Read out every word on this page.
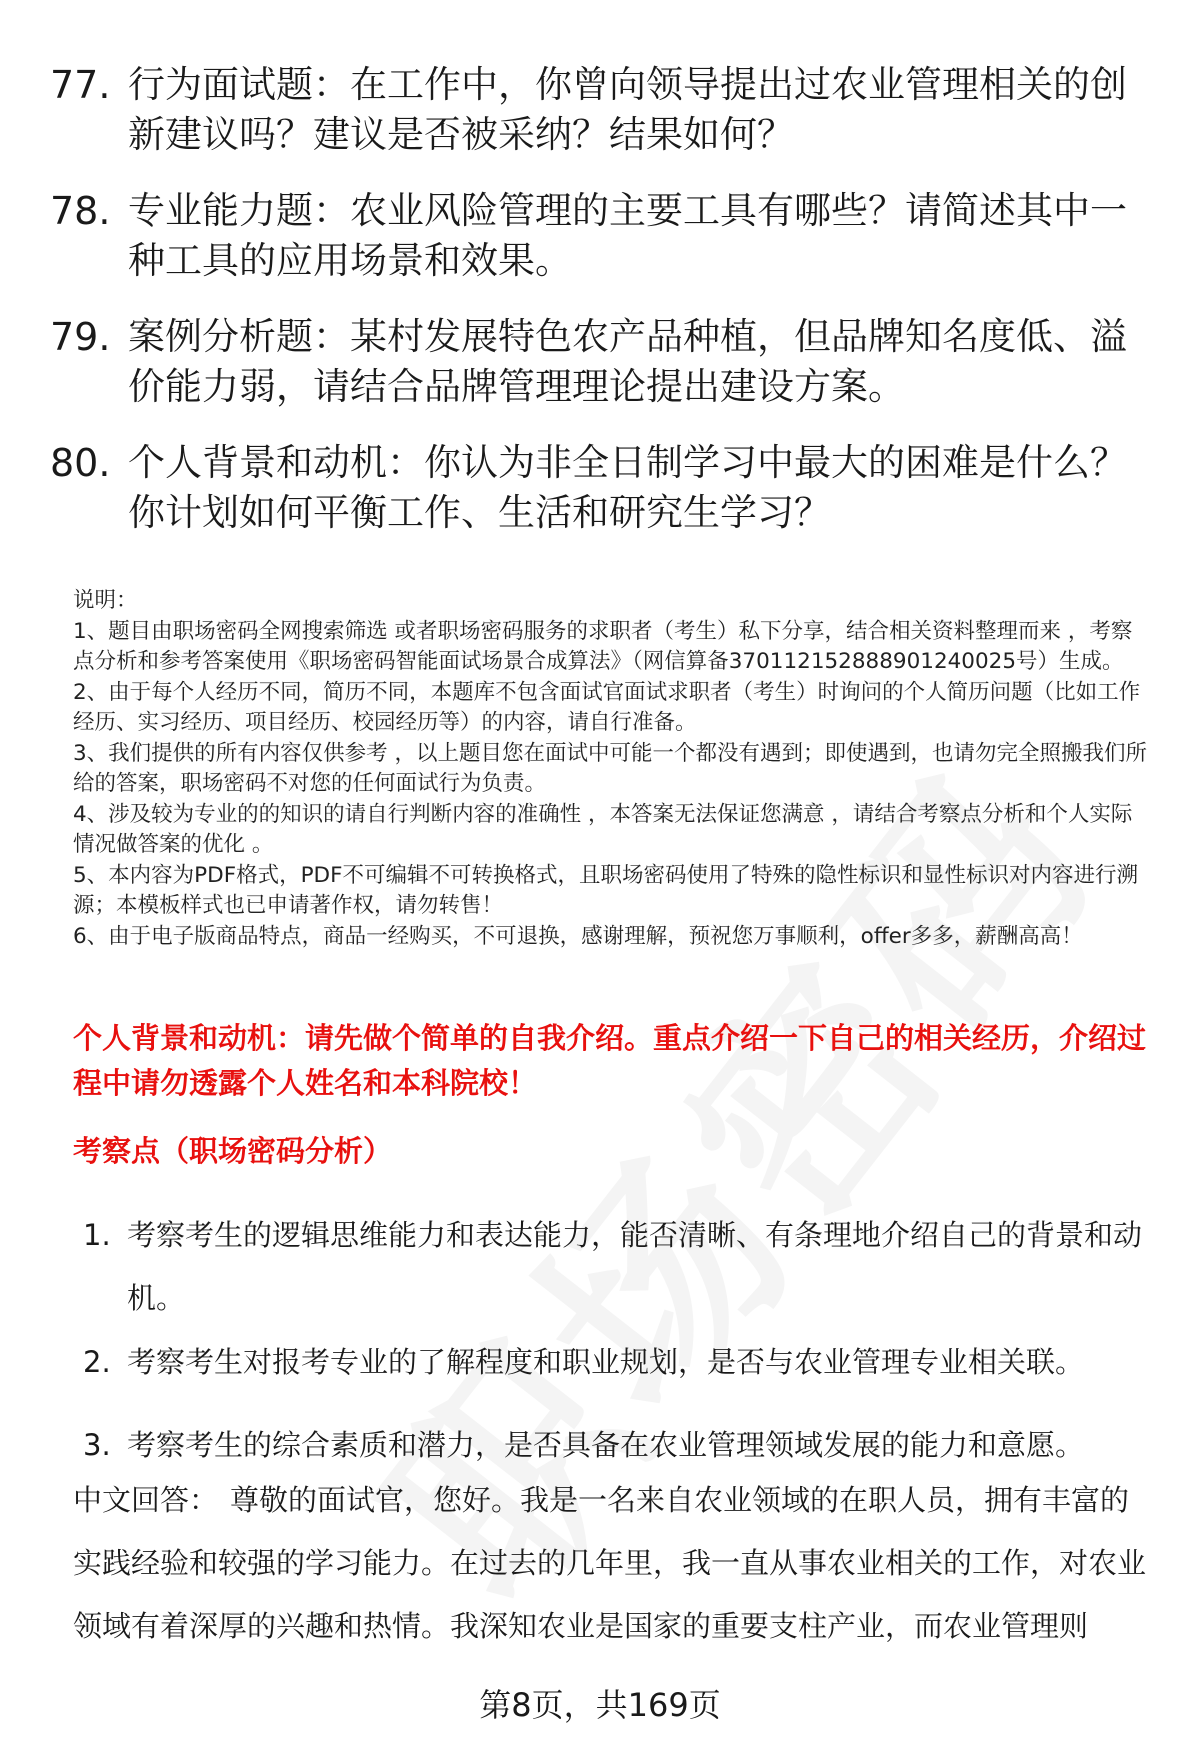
77. 行为面试题：在工作中，你曾向领导提出过农业管理相关的创新建议吗？建议是否被采纳？结果如何？
78. 专业能力题：农业风险管理的主要工具有哪些？请简述其中一种工具的应用场景和效果。
79. 案例分析题：某村发展特色农产品种植，但品牌知名度低、溢价能力弱，请结合品牌管理理论提出建设方案。
80. 个人背景和动机：你认为非全日制学习中最大的困难是什么？你计划如何平衡工作、生活和研究生学习？

说明：

1、题目由职场密码全网搜索筛选 或者职场密码服务的求职者（考生）私下分享，结合相关资料整理而来 ，考察点分析和参考答案使用《职场密码智能面试场景合成算法》（网信算备370112152888901240025号）生成。

2、由于每个人经历不同，简历不同，本题库不包含面试官面试求职者（考生）时询问的个人简历问题（比如工作经历、实习经历、项目经历、校园经历等）的内容，请自行准备。

3、我们提供的所有内容仅供参考 ，以上题目您在面试中可能一个都没有遇到；即使遇到，也请勿完全照搬我们所给的答案，职场密码不对您的任何面试行为负责。

4、涉及较为专业的的知识的请自行判断内容的准确性 ，本答案无法保证您满意 ，请结合考察点分析和个人实际情况做答案的优化 。

5、本内容为PDF格式，PDF不可编辑不可转换格式，且职场密码使用了特殊的隐性标识和显性标识对内容进行溯源；本模板样式也已申请著作权，请勿转售！

6、由于电子版商品特点，商品一经购买，不可退换，感谢理解，预祝您万事顺利，offer多多，薪酬高高！

个人背景和动机：请先做个简单的自我介绍。重点介绍一下自己的相关经历，介绍过程中请勿透露个人姓名和本科院校！
考察点（职场密码分析）
1. 考察考生的逻辑思维能力和表达能力，能否清晰、有条理地介绍自己的背景和动机。
2. 考察考生对报考专业的了解程度和职业规划，是否与农业管理专业相关联。
3. 考察考生的综合素质和潜力，是否具备在农业管理领域发展的能力和意愿。
中文回答： 尊敬的面试官，您好。我是一名来自农业领域的在职人员，拥有丰富的实践经验和较强的学习能力。在过去的几年里，我一直从事农业相关的工作，对农业领域有着深厚的兴趣和热情。我深知农业是国家的重要支柱产业，而农业管理则
第8页，共169页
